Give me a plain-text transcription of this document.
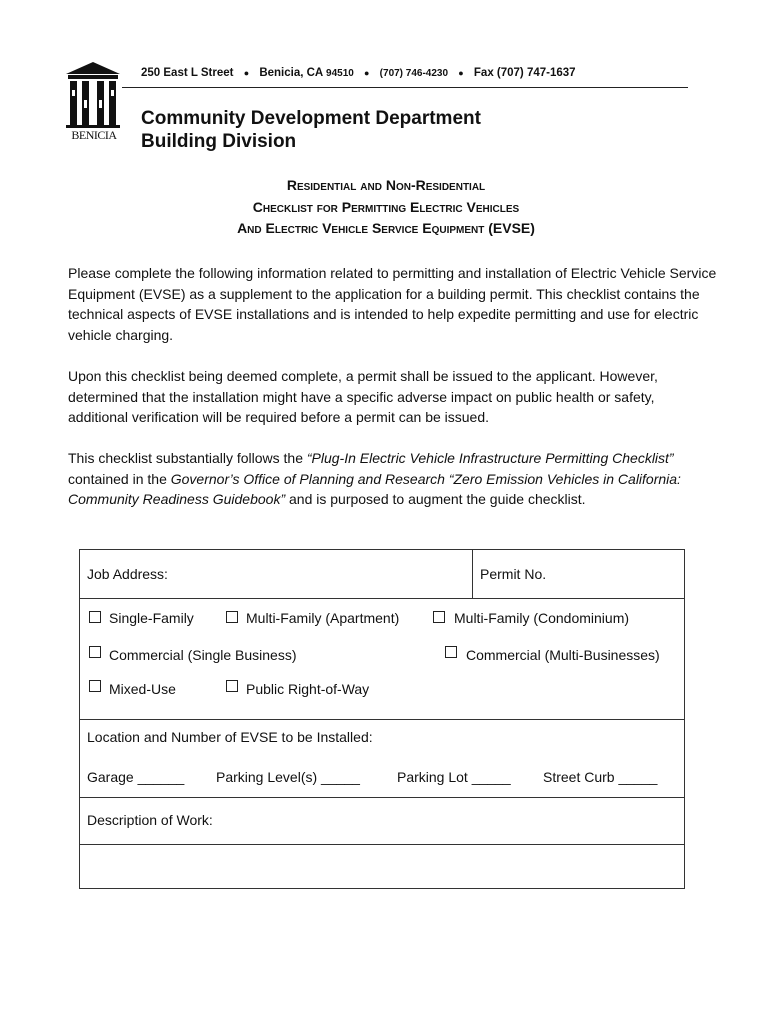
BENICIA
250 East L Street ● Benicia, CA 94510 ● (707) 746-4230 ● Fax (707) 747-1637
Community Development Department
Building Division
Residential and Non-Residential
Checklist for Permitting Electric Vehicles
And Electric Vehicle Service Equipment (EVSE)
Please complete the following information related to permitting and installation of Electric Vehicle Service Equipment (EVSE) as a supplement to the application for a building permit. This checklist contains the technical aspects of EVSE installations and is intended to help expedite permitting and use for electric vehicle charging.
Upon this checklist being deemed complete, a permit shall be issued to the applicant. However, determined that the installation might have a specific adverse impact on public health or safety, additional verification will be required before a permit can be issued.
This checklist substantially follows the “Plug-In Electric Vehicle Infrastructure Permitting Checklist” contained in the Governor’s Office of Planning and Research “Zero Emission Vehicles in California: Community Readiness Guidebook” and is purposed to augment the guide checklist.
Job Address:	Permit No.
Single-Family	Multi-Family (Apartment)	Multi-Family (Condominium)
Commercial (Single Business)	Commercial (Multi-Businesses)
Mixed-Use	Public Right-of-Way
Location and Number of EVSE to be Installed:
Garage ______ Parking Level(s) _____	Parking Lot _____ Street Curb _____
Description of Work:
